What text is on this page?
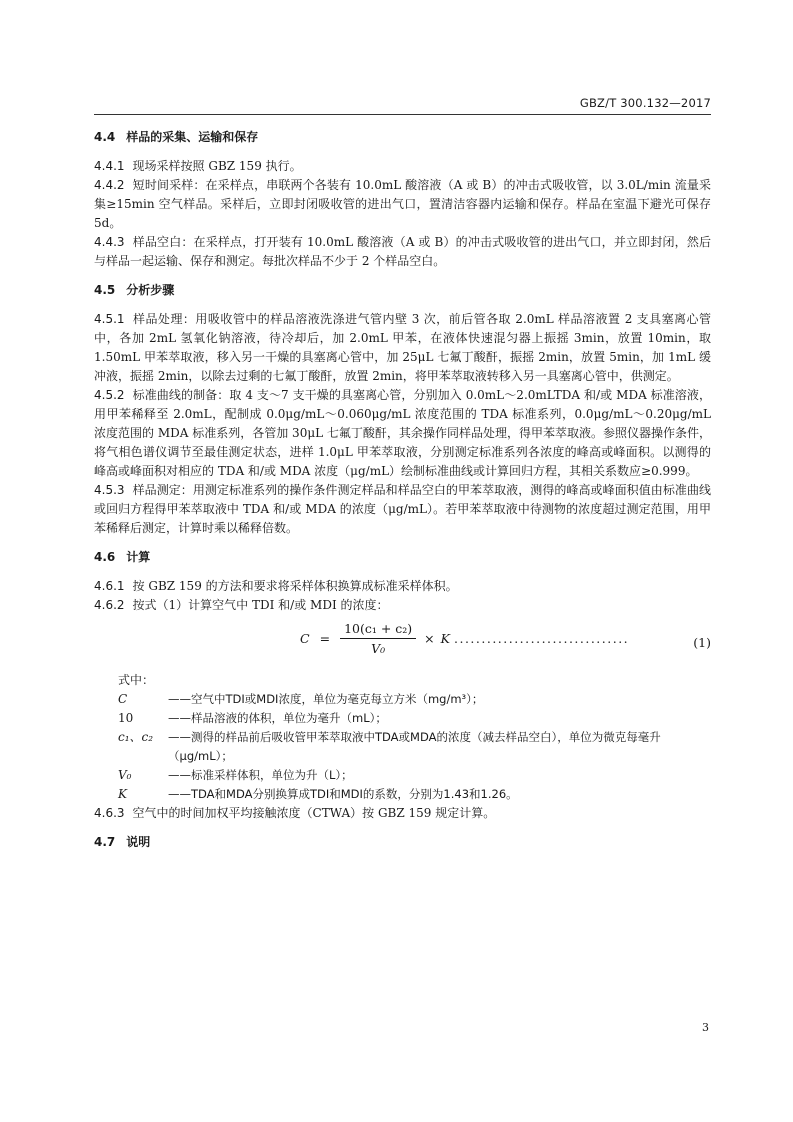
GBZ/T 300.132—2017
4.4 样品的采集、运输和保存

4.4.1 现场采样按照 GBZ 159 执行。

4.4.2 短时间采样：在采样点，串联两个各装有 10.0mL 酸溶液（A 或 B）的冲击式吸收管，以 3.0L/min 流量采集≥15min 空气样品。采样后，立即封闭吸收管的进出气口，置清洁容器内运输和保存。样品在室温下避光可保存 5d。

4.4.3 样品空白：在采样点，打开装有 10.0mL 酸溶液（A 或 B）的冲击式吸收管的进出气口，并立即封闭，然后与样品一起运输、保存和测定。每批次样品不少于 2 个样品空白。

4.5 分析步骤

4.5.1 样品处理：用吸收管中的样品溶液洗涤进气管内壁 3 次，前后管各取 2.0mL 样品溶液置 2 支具塞离心管中，各加 2mL 氢氧化钠溶液，待冷却后，加 2.0mL 甲苯，在液体快速混匀器上振摇 3min，放置 10min，取 1.50mL 甲苯萃取液，移入另一干燥的具塞离心管中，加 25μL 七氟丁酸酐，振摇 2min，放置 5min，加 1mL 缓冲液，振摇 2min，以除去过剩的七氟丁酸酐，放置 2min，将甲苯萃取液转移入另一具塞离心管中，供测定。

4.5.2 标准曲线的制备：取 4 支～7 支干燥的具塞离心管，分别加入 0.0mL～2.0mLTDA 和/或 MDA 标准溶液，用甲苯稀释至 2.0mL，配制成 0.0μg/mL～0.060μg/mL 浓度范围的 TDA 标准系列，0.0μg/mL～0.20μg/mL 浓度范围的 MDA 标准系列，各管加 30μL 七氟丁酸酐，其余操作同样品处理，得甲苯萃取液。参照仪器操作条件，将气相色谱仪调节至最佳测定状态，进样 1.0μL 甲苯萃取液，分别测定标准系列各浓度的峰高或峰面积。以测得的峰高或峰面积对相应的 TDA 和/或 MDA 浓度（μg/mL）绘制标准曲线或计算回归方程，其相关系数应≥0.999。

4.5.3 样品测定：用测定标准系列的操作条件测定样品和样品空白的甲苯萃取液，测得的峰高或峰面积值由标准曲线或回归方程得甲苯萃取液中 TDA 和/或 MDA 的浓度（μg/mL）。若甲苯萃取液中待测物的浓度超过测定范围，用甲苯稀释后测定，计算时乘以稀释倍数。

4.6 计算

4.6.1 按 GBZ 159 的方法和要求将采样体积换算成标准采样体积。

4.6.2 按式（1）计算空气中 TDI 和/或 MDI 的浓度：

$C = \frac{\text{10(c₁ + c₂)}}{\text{V₀}} \times K$ ................................	(1)
式中：
C	——空气中TDI或MDI浓度，单位为毫克每立方米（mg/m³）；
10	——样品溶液的体积，单位为毫升（mL）；
c₁、c₂	——测得的样品前后吸收管甲苯萃取液中TDA或MDA的浓度（减去样品空白），单位为微克每毫升（μg/mL）；
V₀	——标准采样体积，单位为升（L）；
K	——TDA和MDA分别换算成TDI和MDI的系数，分别为1.43和1.26。

4.6.3 空气中的时间加权平均接触浓度（CTWA）按 GBZ 159 规定计算。

4.7 说明
3
